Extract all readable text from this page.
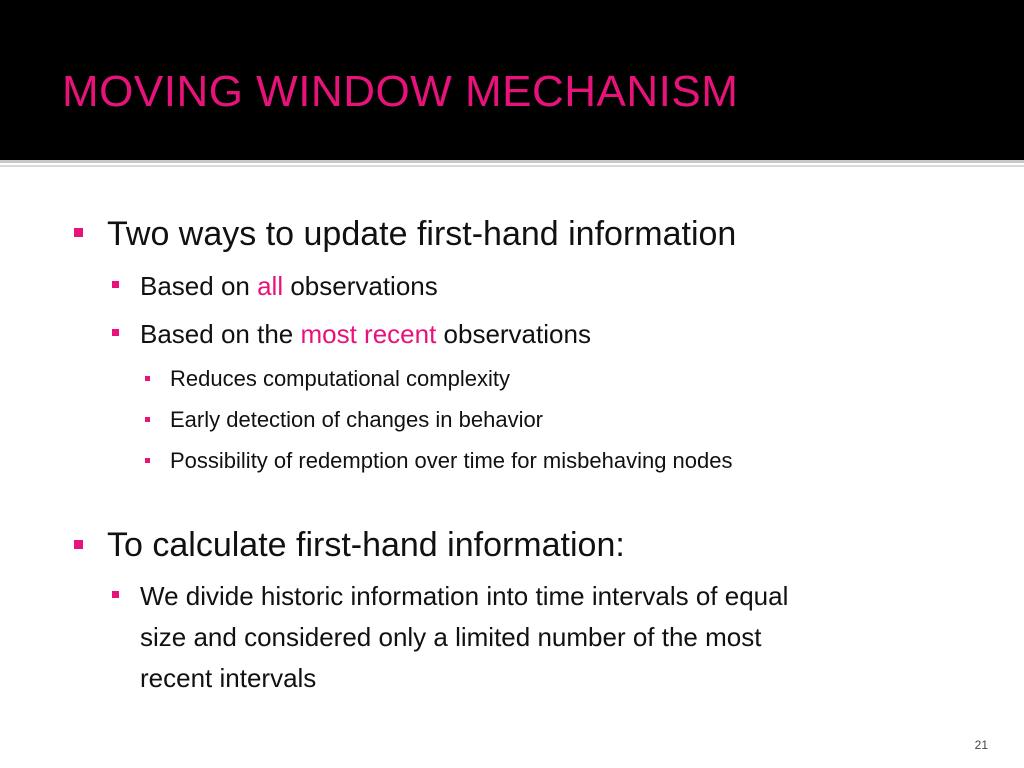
MOVING WINDOW MECHANISM
Two ways to update first-hand information
Based on all observations
Based on the most recent observations
Reduces computational complexity
Early detection of changes in behavior
Possibility of redemption over time for misbehaving nodes
To calculate first-hand information:
We divide historic information into time intervals of equal
size and considered only a limited number of the most
recent intervals
21
